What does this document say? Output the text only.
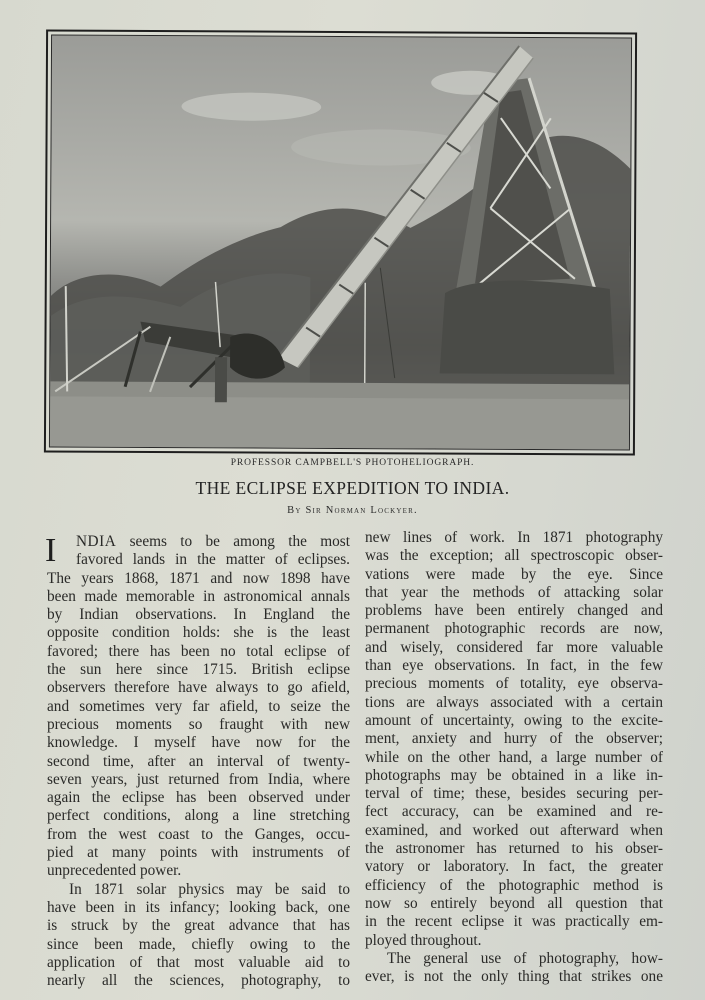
PROFESSOR CAMPBELL'S PHOTOHELIOGRAPH.
THE ECLIPSE EXPEDITION TO INDIA.
By Sir Norman Lockyer.
I	NDIA seems to be among the most
favored lands in the matter of eclipses.
The years 1868, 1871 and now 1898 have
been made memorable in astronomical annals
by Indian observations. In England the
opposite condition holds: she is the least
favored; there has been no total eclipse of
the sun here since 1715. British eclipse
observers therefore have always to go afield,
and sometimes very far afield, to seize the
precious moments so fraught with new
knowledge. I myself have now for the
second time, after an interval of twenty-
seven years, just returned from India, where
again the eclipse has been observed under
perfect conditions, along a line stretching
from the west coast to the Ganges, occu-
pied at many points with instruments of
unprecedented power.
In 1871 solar physics may be said to
have been in its infancy; looking back, one
is struck by the great advance that has
since been made, chiefly owing to the
application of that most valuable aid to
nearly all the sciences, photography, to
new lines of work. In 1871 photography
was the exception; all spectroscopic obser-
vations were made by the eye. Since
that year the methods of attacking solar
problems have been entirely changed and
permanent photographic records are now,
and wisely, considered far more valuable
than eye observations. In fact, in the few
precious moments of totality, eye observa-
tions are always associated with a certain
amount of uncertainty, owing to the excite-
ment, anxiety and hurry of the observer;
while on the other hand, a large number of
photographs may be obtained in a like in-
terval of time; these, besides securing per-
fect accuracy, can be examined and re-
examined, and worked out afterward when
the astronomer has returned to his obser-
vatory or laboratory. In fact, the greater
efficiency of the photographic method is
now so entirely beyond all question that
in the recent eclipse it was practically em-
ployed throughout.
The general use of photography, how-
ever, is not the only thing that strikes one
